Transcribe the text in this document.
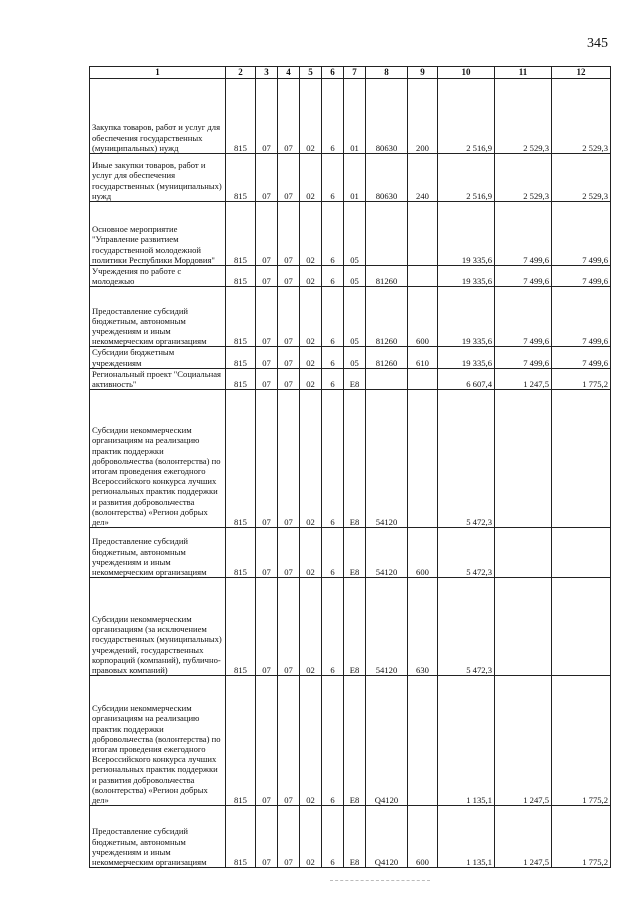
345
1	2	3	4	5	6	7	8	9	10	11	12
Закупка товаров, работ и услуг для обеспечения государственных (муниципальных) нужд	815	07	07	02	6	01	80630	200	2 516,9	2 529,3	2 529,3
Иные закупки товаров, работ и услуг для обеспечения государственных (муниципальных) нужд	815	07	07	02	6	01	80630	240	2 516,9	2 529,3	2 529,3
Основное мероприятие "Управление развитием государственной молодежной политики Республики Мордовия"	815	07	07	02	6	05			19 335,6	7 499,6	7 499,6
Учреждения по работе с молодежью	815	07	07	02	6	05	81260		19 335,6	7 499,6	7 499,6
Предоставление субсидий бюджетным, автономным учреждениям и иным некоммерческим организациям	815	07	07	02	6	05	81260	600	19 335,6	7 499,6	7 499,6
Субсидии бюджетным учреждениям	815	07	07	02	6	05	81260	610	19 335,6	7 499,6	7 499,6
Региональный проект "Социальная активность"	815	07	07	02	6	E8			6 607,4	1 247,5	1 775,2
Субсидии некоммерческим организациям на реализацию практик поддержки добровольчества (волонтерства) по итогам проведения ежегодного Всероссийского конкурса лучших региональных практик поддержки и развития добровольчества (волонтерства) «Регион добрых дел»	815	07	07	02	6	E8	54120		5 472,3		
Предоставление субсидий бюджетным, автономным учреждениям и иным некоммерческим организациям	815	07	07	02	6	E8	54120	600	5 472,3		
Субсидии некоммерческим организациям (за исключением государственных (муниципальных) учреждений, государственных корпораций (компаний), публично-правовых компаний)	815	07	07	02	6	E8	54120	630	5 472,3		
Субсидии некоммерческим организациям на реализацию практик поддержки добровольчества (волонтерства) по итогам проведения ежегодного Всероссийского конкурса лучших региональных практик поддержки и развития добровольчества (волонтерства) «Регион добрых дел»	815	07	07	02	6	E8	Q4120		1 135,1	1 247,5	1 775,2
Предоставление субсидий бюджетным, автономным учреждениям и иным некоммерческим организациям	815	07	07	02	6	E8	Q4120	600	1 135,1	1 247,5	1 775,2
